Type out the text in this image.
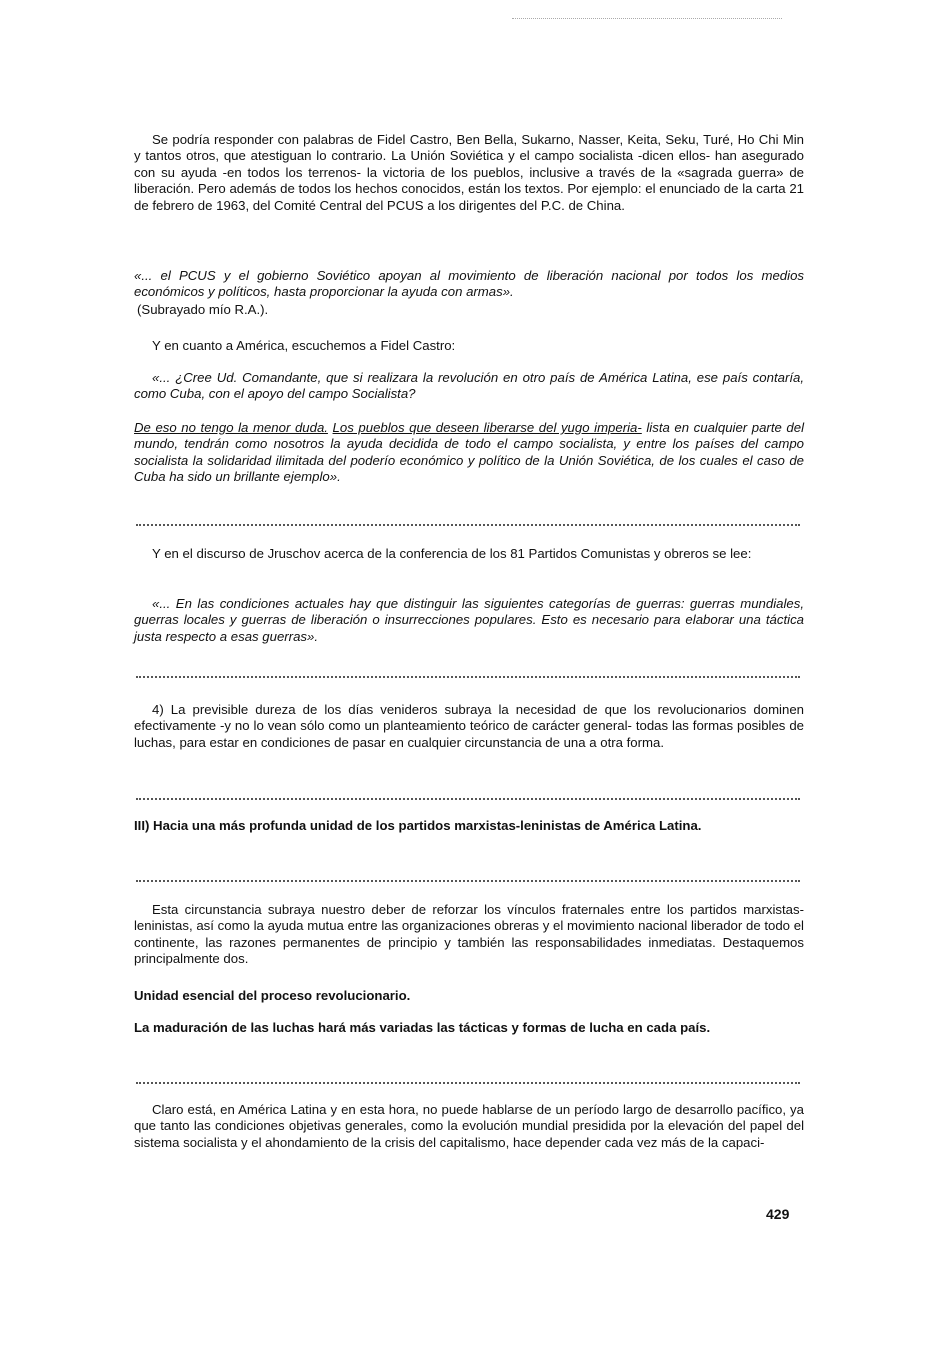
Se podría responder con palabras de Fidel Castro, Ben Bella, Sukarno, Nasser, Keita, Seku, Turé, Ho Chi Min y tantos otros, que atestiguan lo contrario. La Unión Soviética y el campo socialista -dicen ellos- han asegurado con su ayuda -en todos los terrenos- la victoria de los pueblos, inclusive a través de la «sagrada guerra» de liberación. Pero además de todos los hechos conocidos, están los textos. Por ejemplo: el enunciado de la carta 21 de febrero de 1963, del Comité Central del PCUS a los dirigentes del P.C. de China.

«... el PCUS y el gobierno Soviético apoyan al movimiento de liberación nacional por todos los medios económicos y políticos, hasta proporcionar la ayuda con armas».

(Subrayado mío R.A.).

Y en cuanto a América, escuchemos a Fidel Castro:

«... ¿Cree Ud. Comandante, que si realizara la revolución en otro país de América Latina, ese país contaría, como Cuba, con el apoyo del campo Socialista?

De eso no tengo la menor duda. Los pueblos que deseen liberarse del yugo imperia- lista en cualquier parte del mundo, tendrán como nosotros la ayuda decidida de todo el campo socialista, y entre los países del campo socialista la solidaridad ilimitada del poderío económico y político de la Unión Soviética, de los cuales el caso de Cuba ha sido un brillante ejemplo».

Y en el discurso de Jruschov acerca de la conferencia de los 81 Partidos Comunistas y obreros se lee:

«... En las condiciones actuales hay que distinguir las siguientes categorías de guerras: guerras mundiales, guerras locales y guerras de liberación o insurrecciones populares. Esto es necesario para elaborar una táctica justa respecto a esas guerras».

4) La previsible dureza de los días venideros subraya la necesidad de que los revolucionarios dominen efectivamente -y no lo vean sólo como un planteamiento teórico de carácter general- todas las formas posibles de luchas, para estar en condiciones de pasar en cualquier circunstancia de una a otra forma.

III) Hacia una más profunda unidad de los partidos marxistas-leninistas de América Latina.

Esta circunstancia subraya nuestro deber de reforzar los vínculos fraternales entre los partidos marxistas-leninistas, así como la ayuda mutua entre las organizaciones obreras y el movimiento nacional liberador de todo el continente, las razones permanentes de principio y también las responsabilidades inmediatas. Destaquemos principalmente dos.

Unidad esencial del proceso revolucionario.

La maduración de las luchas hará más variadas las tácticas y formas de lucha en cada país.

Claro está, en América Latina y en esta hora, no puede hablarse de un período largo de desarrollo pacífico, ya que tanto las condiciones objetivas generales, como la evolución mundial presidida por la elevación del papel del sistema socialista y el ahondamiento de la crisis del capitalismo, hace depender cada vez más de la capaci-

429
